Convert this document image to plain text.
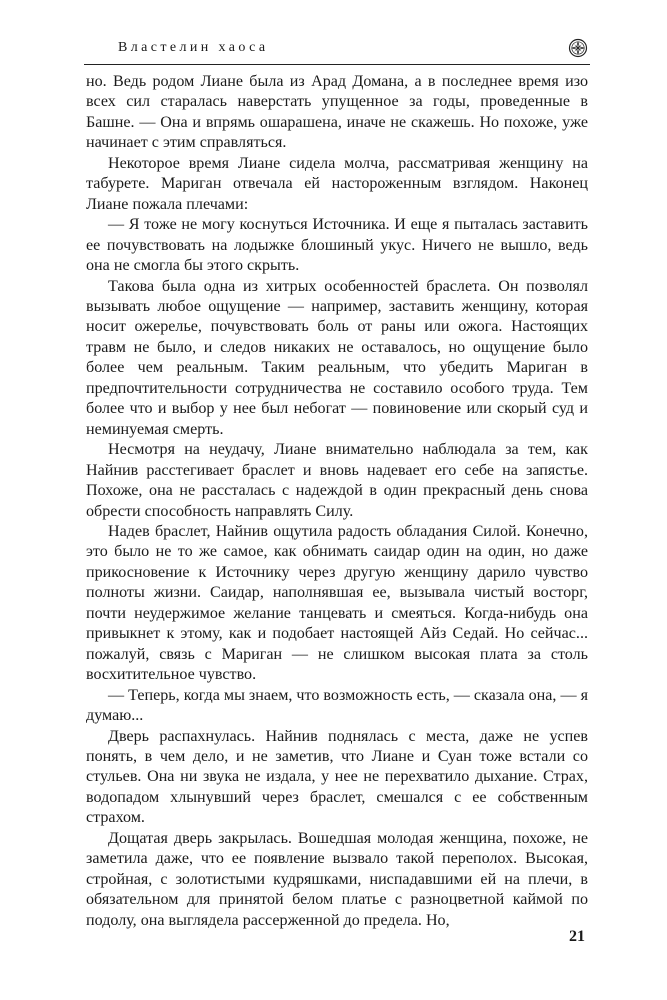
Властелин хаоса

но. Ведь родом Лиане была из Арад Домана, а в последнее время изо всех сил старалась наверстать упущенное за годы, проведенные в Башне. — Она и впрямь ошарашена, иначе не скажешь. Но похоже, уже начинает с этим справляться.

Некоторое время Лиане сидела молча, рассматривая женщину на табурете. Мариган отвечала ей настороженным взглядом. Наконец Лиане пожала плечами:

— Я тоже не могу коснуться Источника. И еще я пыталась заставить ее почувствовать на лодыжке блошиный укус. Ничего не вышло, ведь она не смогла бы этого скрыть.

Такова была одна из хитрых особенностей браслета. Он позволял вызывать любое ощущение — например, заставить женщину, которая носит ожерелье, почувствовать боль от раны или ожога. Настоящих травм не было, и следов никаких не оставалось, но ощущение было более чем реальным. Таким реальным, что убедить Мариган в предпочтительности сотрудничества не составило особого труда. Тем более что и выбор у нее был небогат — повиновение или скорый суд и неминуемая смерть.

Несмотря на неудачу, Лиане внимательно наблюдала за тем, как Найнив расстегивает браслет и вновь надевает его себе на запястье. Похоже, она не рассталась с надеждой в один прекрасный день снова обрести способность направлять Силу.

Надев браслет, Найнив ощутила радость обладания Силой. Конечно, это было не то же самое, как обнимать саидар один на один, но даже прикосновение к Источнику через другую женщину дарило чувство полноты жизни. Саидар, наполнявшая ее, вызывала чистый восторг, почти неудержимое желание танцевать и смеяться. Когда-нибудь она привыкнет к этому, как и подобает настоящей Айз Седай. Но сейчас... пожалуй, связь с Мариган — не слишком высокая плата за столь восхитительное чувство.

— Теперь, когда мы знаем, что возможность есть, — сказала она, — я думаю...

Дверь распахнулась. Найнив поднялась с места, даже не успев понять, в чем дело, и не заметив, что Лиане и Суан тоже встали со стульев. Она ни звука не издала, у нее не перехватило дыхание. Страх, водопадом хлынувший через браслет, смешался с ее собственным страхом.

Дощатая дверь закрылась. Вошедшая молодая женщина, похоже, не заметила даже, что ее появление вызвало такой переполох. Высокая, стройная, с золотистыми кудряшками, ниспадавшими ей на плечи, в обязательном для принятой белом платье с разноцветной каймой по подолу, она выглядела рассерженной до предела. Но,

21
